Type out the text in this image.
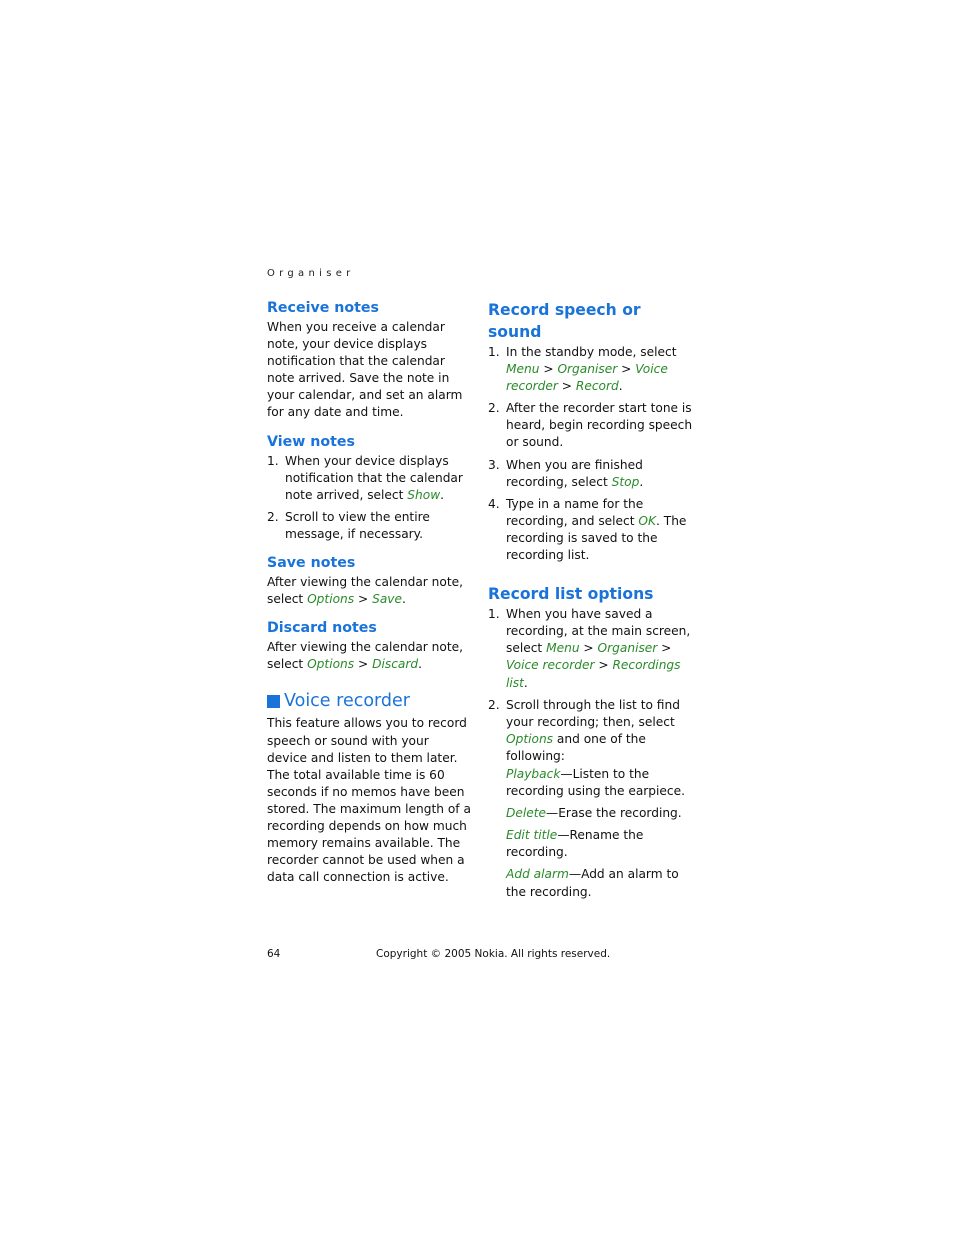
Organiser
Receive notes

When you receive a calendar note, your device displays notification that the calendar note arrived. Save the note in your calendar, and set an alarm for any date and time.

View notes
1. When your device displays notification that the calendar note arrived, select Show.
2. Scroll to view the entire message, if necessary.
Save notes

After viewing the calendar note, select Options > Save.

Discard notes

After viewing the calendar note, select Options > Discard.

Voice recorder

This feature allows you to record speech or sound with your device and listen to them later. The total available time is 60 seconds if no memos have been stored. The maximum length of a recording depends on how much memory remains available. The recorder cannot be used when a data call connection is active.

Record speech or sound
1. In the standby mode, select Menu > Organiser > Voice recorder > Record.
2. After the recorder start tone is heard, begin recording speech or sound.
3. When you are finished recording, select Stop.
4. Type in a name for the recording, and select OK. The recording is saved to the recording list.
Record list options
1. When you have saved a recording, at the main screen, select Menu > Organiser > Voice recorder > Recordings list.
2. Scroll through the list to find your recording; then, select Options and one of the following:

Playback—Listen to the recording using the earpiece.

Delete—Erase the recording.

Edit title—Rename the recording.

Add alarm—Add an alarm to the recording.

64	Copyright © 2005 Nokia. All rights reserved.
